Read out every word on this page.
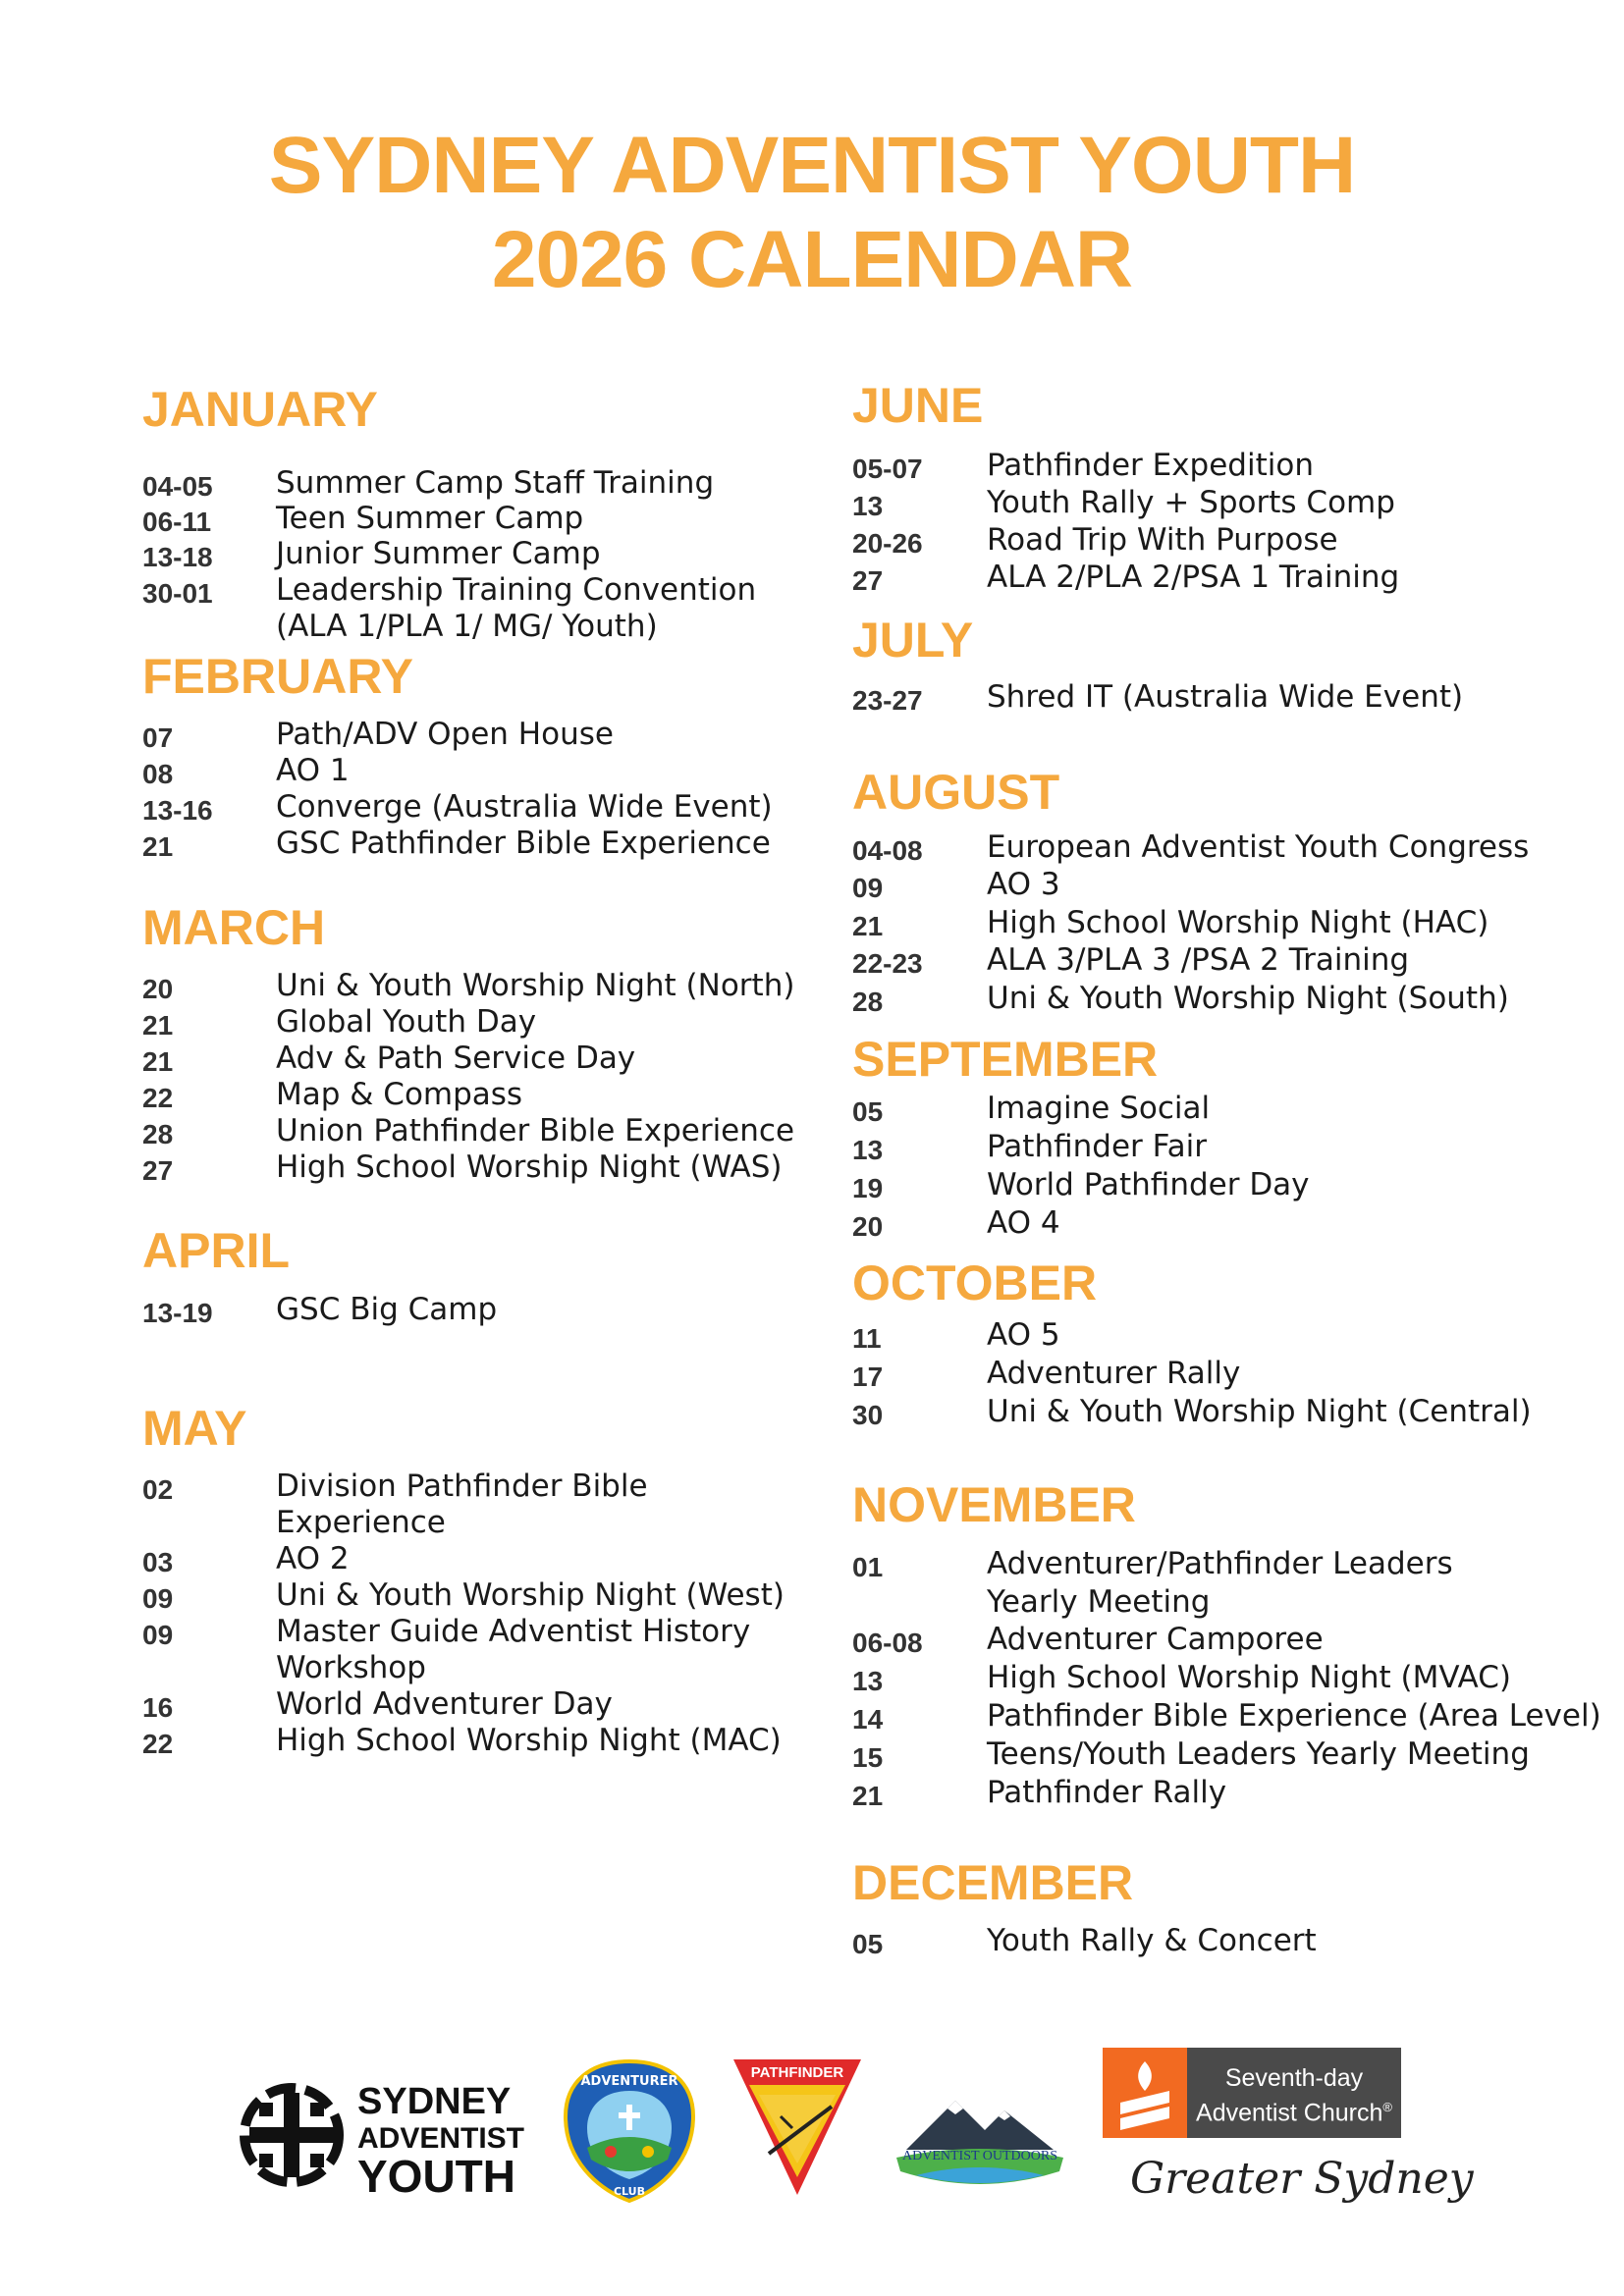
SYDNEY ADVENTIST YOUTH
2026 CALENDAR
JANUARY
04-05 Summer Camp Staff Training
06-11 Teen Summer Camp
13-18 Junior Summer Camp
30-01 Leadership Training Convention
(ALA 1/PLA 1/ MG/ Youth)
FEBRUARY
07	Path/ADV Open House
08	AO 1
13-16 Converge (Australia Wide Event)
21	GSC Pathfinder Bible Experience
MARCH
20	Uni & Youth Worship Night (North)
21	Global Youth Day
21	Adv & Path Service Day
22	Map & Compass
28	Union Pathfinder Bible Experience
27	High School Worship Night (WAS)
APRIL
13-19 GSC Big Camp
MAY
02	Division Pathfinder Bible
Experience
03	AO 2
09	Uni & Youth Worship Night (West)
09	Master Guide Adventist History
Workshop
16	World Adventurer Day
22	High School Worship Night (MAC)
JUNE
05-07 Pathfinder Expedition
13	Youth Rally + Sports Comp
20-26 Road Trip With Purpose
27	ALA 2/PLA 2/PSA 1 Training
JULY
23-27 Shred IT (Australia Wide Event)
AUGUST
04-08 European Adventist Youth Congress
09	AO 3
21	High School Worship Night (HAC)
22-23 ALA 3/PLA 3 /PSA 2 Training
28	Uni & Youth Worship Night (South)
SEPTEMBER
05	Imagine Social
13	Pathfinder Fair
19	World Pathfinder Day
20	AO 4
OCTOBER
11	AO 5
17	Adventurer Rally
30	Uni & Youth Worship Night (Central)
NOVEMBER
01	Adventurer/Pathfinder Leaders
Yearly Meeting
06-08 Adventurer Camporee
13	High School Worship Night (MVAC)
14	Pathfinder Bible Experience (Area Level)
15	Teens/Youth Leaders Yearly Meeting
21	Pathfinder Rally
DECEMBER
05	Youth Rally & Concert
SYDNEY
ADVENTIST
YOUTH
ADVENTURER
CLUB
PATHFINDER
ADVENTIST OUTDOORS
Seventh-day
Adventist Church®
Greater Sydney
